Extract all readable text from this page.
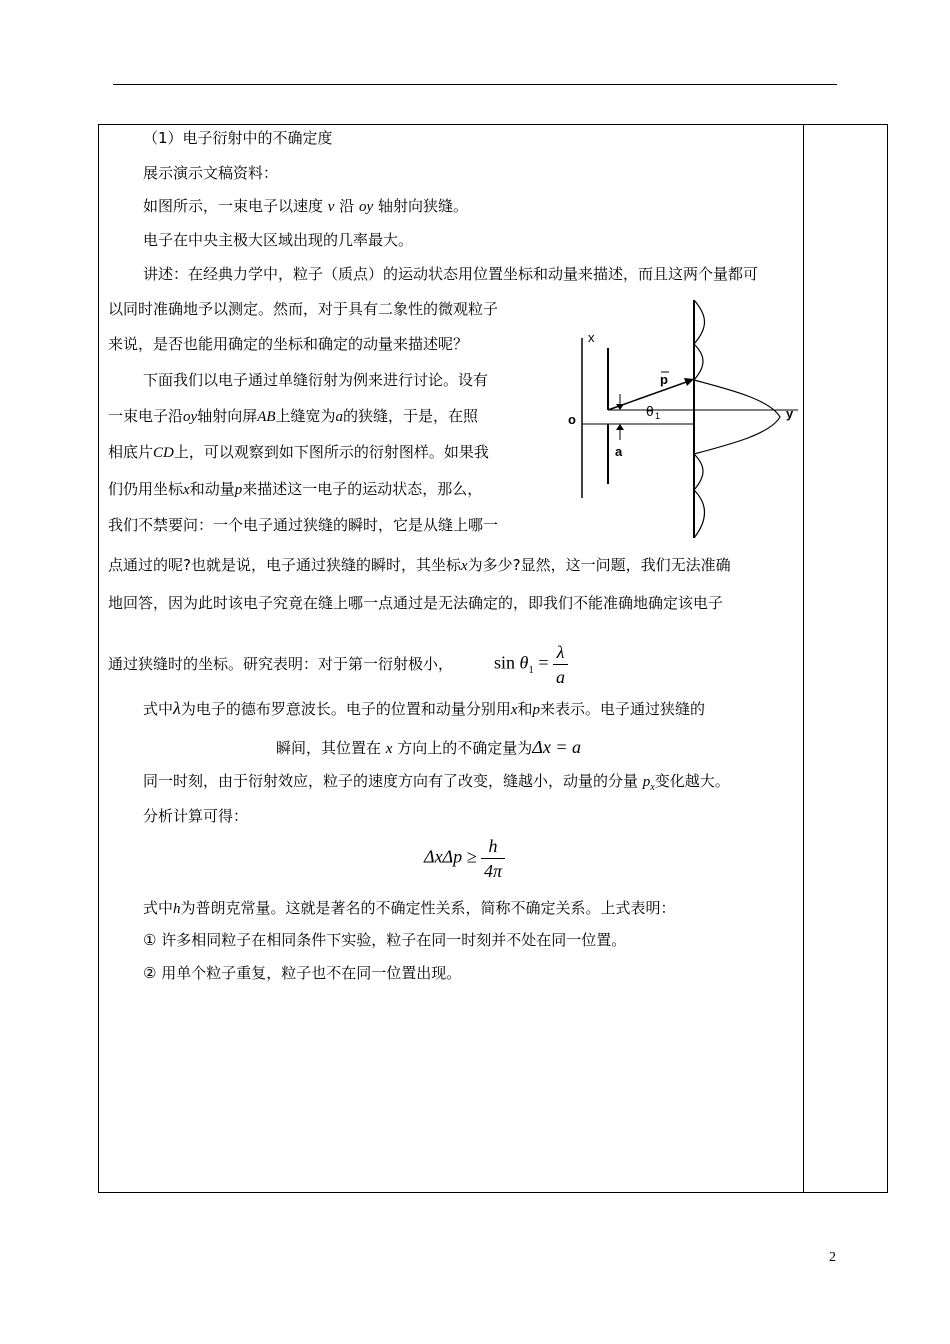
（1）电子衍射中的不确定度
展示演示文稿资料：
如图所示，一束电子以速度 v 沿 oy 轴射向狭缝。
电子在中央主极大区域出现的几率最大。
讲述：在经典力学中，粒子（质点）的运动状态用位置坐标和动量来描述，而且这两个量都可
以同时准确地予以测定。然而，对于具有二象性的微观粒子
来说，是否也能用确定的坐标和确定的动量来描述呢？
下面我们以电子通过单缝衍射为例来进行讨论。设有
一束电子沿oy轴射向屏AB上缝宽为a的狭缝，于是，在照
相底片CD上，可以观察到如下图所示的衍射图样。如果我
们仍用坐标x和动量p来描述这一电子的运动状态，那么，
我们不禁要问：一个电子通过狭缝的瞬时，它是从缝上哪一
点通过的呢?也就是说，电子通过狭缝的瞬时，其坐标x为多少?显然，这一问题，我们无法准确
地回答，因为此时该电子究竟在缝上哪一点通过是无法确定的，即我们不能准确地确定该电子
通过狭缝时的坐标。研究表明：对于第一衍射极小， $\sin \theta_1 = \frac{\lambda}{a}$
式中λ为电子的德布罗意波长。电子的位置和动量分别用x和p来表示。电子通过狭缝的
瞬间，其位置在 x 方向上的不确定量为Δx = a
同一时刻，由于衍射效应，粒子的速度方向有了改变，缝越小，动量的分量 $p_x$变化越大。
分析计算可得：
$\Delta x\Delta p \ge \frac{h}{4\pi}$
式中h为普朗克常量。这就是著名的不确定性关系，简称不确定关系。上式表明：
① 许多相同粒子在相同条件下实验，粒子在同一时刻并不处在同一位置。
② 用单个粒子重复，粒子也不在同一位置出现。
x
o
a
p
θ 1	y
2
